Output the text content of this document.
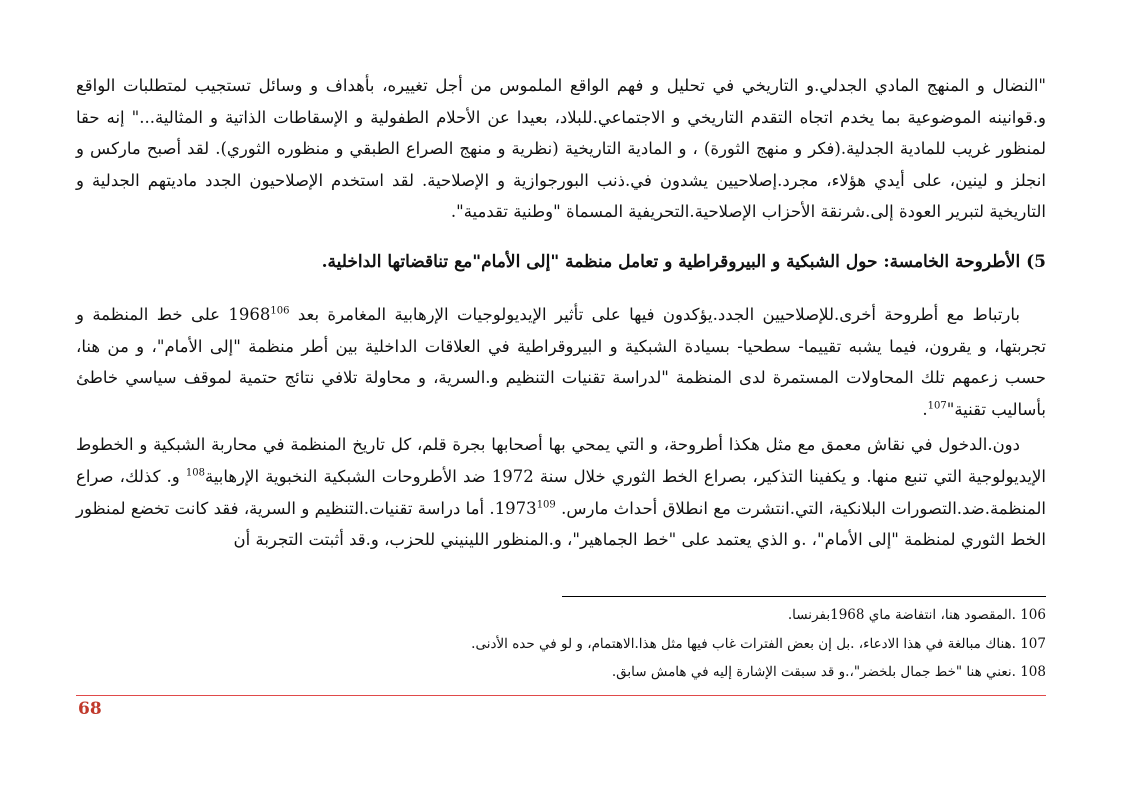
"النضال و المنهج المادي الجدلي.و التاريخي في تحليل و فهم الواقع الملموس من أجل تغييره، بأهداف و وسائل تستجيب لمتطلبات الواقع و.قوانينه الموضوعية بما يخدم اتجاه التقدم التاريخي و الاجتماعي.للبلاد، بعيدا عن الأحلام الطفولية و الإسقاطات الذاتية و المثالية..." إنه حقا لمنظور غريب للمادية الجدلية.(فكر و منهج الثورة) ، و المادية التاريخية (نظرية و منهج الصراع الطبقي و منظوره الثوري). لقد أصبح ماركس و انجلز و لينين، على أيدي هؤلاء، مجرد.إصلاحيين يشدون في.ذنب البورجوازية و الإصلاحية. لقد استخدم الإصلاحيون الجدد ماديتهم الجدلية و التاريخية لتبرير العودة إلى.شرنقة الأحزاب الإصلاحية.التحريفية المسماة "وطنية تقدمية".

5) الأطروحة الخامسة: حول الشبكية و البيروقراطية و تعامل منظمة "إلى الأمام"مع تناقضاتها الداخلية.

بارتباط مع أطروحة أخرى.للإصلاحيين الجدد.يؤكدون فيها على تأثير الإيديولوجيات الإرهابية المغامرة بعد 1968$^{106}$ على خط المنظمة و تجربتها، و يقرون، فيما يشبه تقييما- سطحيا- بسيادة الشبكية و البيروقراطية في العلاقات الداخلية بين أطر منظمة "إلى الأمام"، و من هنا، حسب زعمهم تلك المحاولات المستمرة لدى المنظمة "لدراسة تقنيات التنظيم و.السرية، و محاولة تلافي نتائج حتمية لموقف سياسي خاطئ بأساليب تقنية"$^{107}$.

دون.الدخول في نقاش معمق مع مثل هكذا أطروحة، و التي يمحي بها أصحابها بجرة قلم، كل تاريخ المنظمة في محاربة الشبكية و الخطوط الإيديولوجية التي تنبع منها. و يكفينا التذكير، بصراع الخط الثوري خلال سنة 1972 ضد الأطروحات الشبكية النخبوية الإرهابية$^{108}$ و. كذلك، صراع المنظمة.ضد.التصورات البلانكية، التي.انتشرت مع انطلاق أحداث مارس. 1973$^{109}$. أما دراسة تقنيات.التنظيم و السرية، فقد كانت تخضع لمنظور الخط الثوري لمنظمة "إلى الأمام"، .و الذي يعتمد على "خط الجماهير"، و.المنظور اللينيني للحزب، و.قد أثبتت التجربة أن

106 .المقصود هنا، انتفاضة ماي 1968بفرنسا.
107 .هناك مبالغة في هذا الادعاء، .بل إن بعض الفترات غاب فيها مثل هذا.الاهتمام، و لو في حده الأدنى.
108 .نعني هنا "خط جمال بلخضر"،.و قد سبقت الإشارة إليه في هامش سابق.
68
